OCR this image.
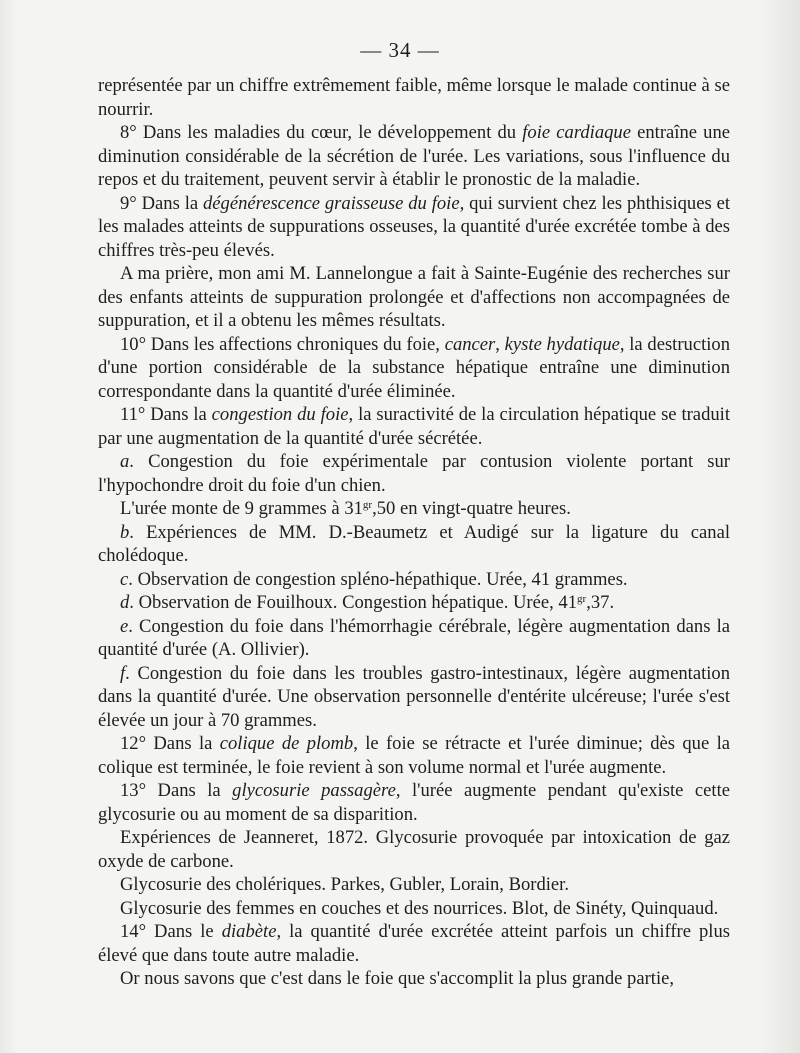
— 34 —

représentée par un chiffre extrêmement faible, même lorsque le malade continue à se nourrir.

8° Dans les maladies du cœur, le développement du foie cardiaque entraîne une diminution considérable de la sécrétion de l'urée. Les variations, sous l'influence du repos et du traitement, peuvent servir à établir le pronostic de la maladie.

9° Dans la dégénérescence graisseuse du foie, qui survient chez les phthisiques et les malades atteints de suppurations osseuses, la quantité d'urée excrétée tombe à des chiffres très-peu élevés.

A ma prière, mon ami M. Lannelongue a fait à Sainte-Eugénie des recherches sur des enfants atteints de suppuration prolongée et d'affections non accompagnées de suppuration, et il a obtenu les mêmes résultats.

10° Dans les affections chroniques du foie, cancer, kyste hydatique, la destruction d'une portion considérable de la substance hépatique entraîne une diminution correspondante dans la quantité d'urée éliminée.

11° Dans la congestion du foie, la suractivité de la circulation hépatique se traduit par une augmentation de la quantité d'urée sécrétée.

a. Congestion du foie expérimentale par contusion violente portant sur l'hypochondre droit du foie d'un chien.

L'urée monte de 9 grammes à $31^{gr},50$ en vingt-quatre heures.

b. Expériences de MM. D.-Beaumetz et Audigé sur la ligature du canal cholédoque.

c. Observation de congestion spléno-hépathique. Urée, 41 grammes.

d. Observation de Fouilhoux. Congestion hépatique. Urée, $41^{gr},37$.

e. Congestion du foie dans l'hémorrhagie cérébrale, légère augmentation dans la quantité d'urée (A. Ollivier).

f. Congestion du foie dans les troubles gastro-intestinaux, légère augmentation dans la quantité d'urée. Une observation personnelle d'entérite ulcéreuse; l'urée s'est élevée un jour à 70 grammes.

12° Dans la colique de plomb, le foie se rétracte et l'urée diminue; dès que la colique est terminée, le foie revient à son volume normal et l'urée augmente.

13° Dans la glycosurie passagère, l'urée augmente pendant qu'existe cette glycosurie ou au moment de sa disparition.

Expériences de Jeanneret, 1872. Glycosurie provoquée par intoxication de gaz oxyde de carbone.

Glycosurie des cholériques. Parkes, Gubler, Lorain, Bordier.

Glycosurie des femmes en couches et des nourrices. Blot, de Sinéty, Quinquaud.

14° Dans le diabète, la quantité d'urée excrétée atteint parfois un chiffre plus élevé que dans toute autre maladie.

Or nous savons que c'est dans le foie que s'accomplit la plus grande partie,
